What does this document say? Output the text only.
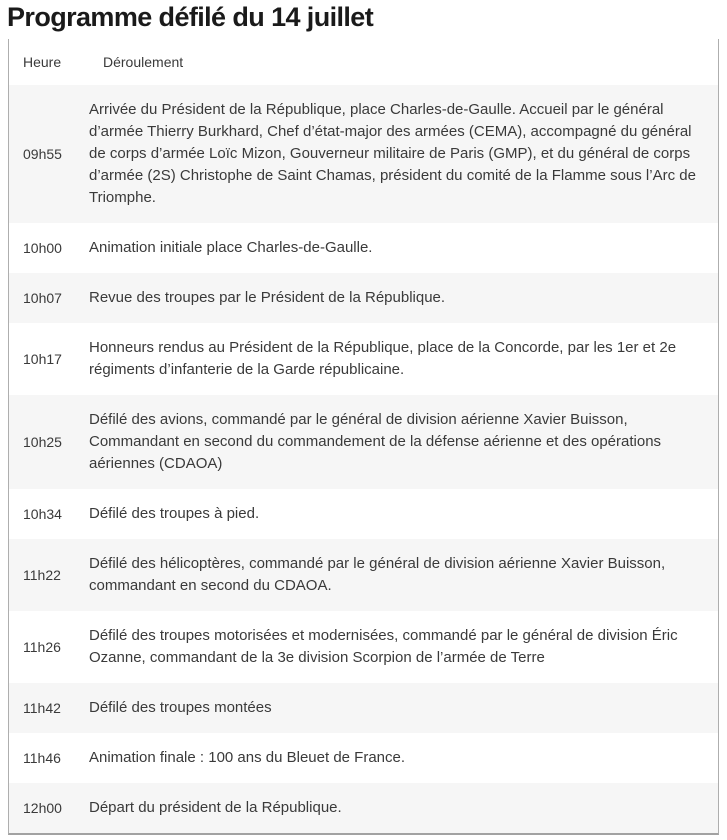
Programme défilé du 14 juillet
Heure	Déroulement
09h55	Arrivée du Président de la République, place Charles-de-Gaulle. Accueil par le général d’armée Thierry Burkhard, Chef d’état-major des armées (CEMA), accompagné du général de corps d’armée Loïc Mizon, Gouverneur militaire de Paris (GMP), et du général de corps d’armée (2S) Christophe de Saint Chamas, président du comité de la Flamme sous l’Arc de Triomphe.
10h00	Animation initiale place Charles-de-Gaulle.
10h07	Revue des troupes par le Président de la République.
10h17	Honneurs rendus au Président de la République, place de la Concorde, par les 1er et 2e régiments d’infanterie de la Garde républicaine.
10h25	Défilé des avions, commandé par le général de division aérienne Xavier Buisson, Commandant en second du commandement de la défense aérienne et des opérations aériennes (CDAOA)
10h34	Défilé des troupes à pied.
11h22	Défilé des hélicoptères, commandé par le général de division aérienne Xavier Buisson, commandant en second du CDAOA.
11h26	Défilé des troupes motorisées et modernisées, commandé par le général de division Éric Ozanne, commandant de la 3e division Scorpion de l’armée de Terre
11h42	Défilé des troupes montées
11h46	Animation finale : 100 ans du Bleuet de France.
12h00	Départ du président de la République.
